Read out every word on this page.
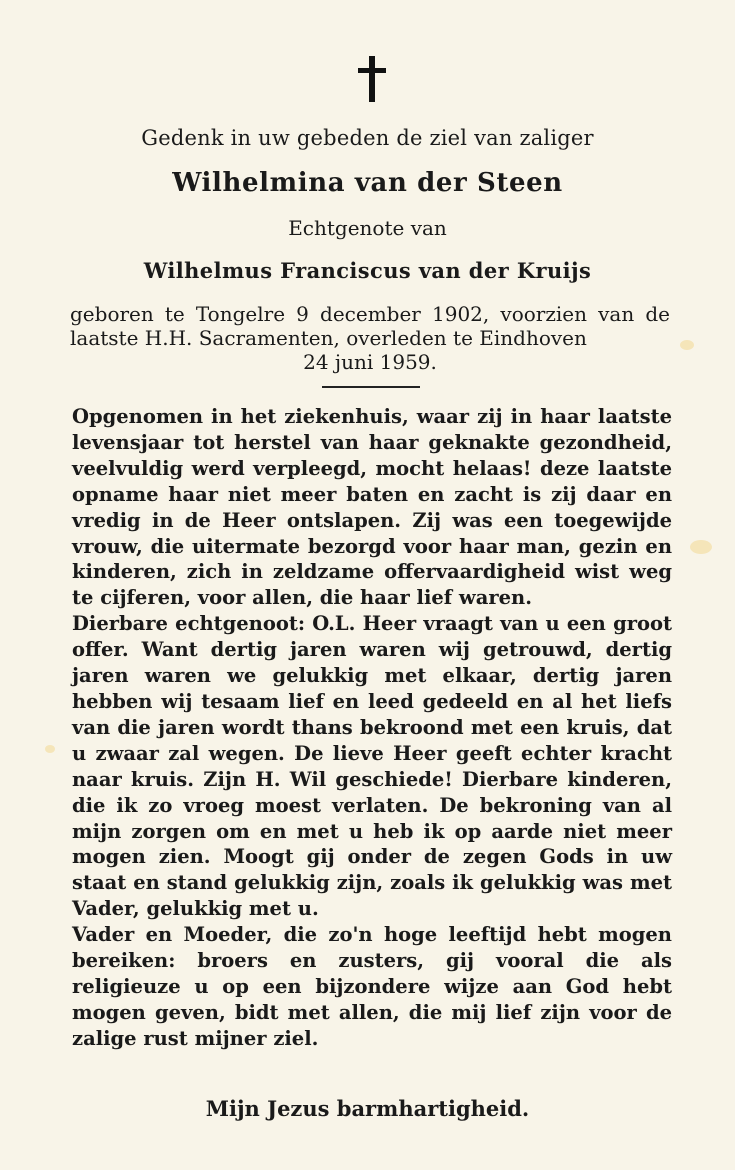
Gedenk in uw gebeden de ziel van zaliger
Wilhelmina van der Steen
Echtgenote van
Wilhelmus Franciscus van der Kruijs
geboren te Tongelre 9 december 1902, voorzien van de laatste H.H. Sacramenten, overleden te Eindhoven
24 juni 1959.

Opgenomen in het ziekenhuis, waar zij in haar laatste levensjaar tot herstel van haar geknakte gezondheid, veelvuldig werd verpleegd, mocht helaas! deze laatste opname haar niet meer baten en zacht is zij daar en vredig in de Heer ontslapen. Zij was een toegewijde vrouw, die uitermate bezorgd voor haar man, gezin en kinderen, zich in zeldzame offervaardigheid wist weg te cijferen, voor allen, die haar lief waren.

Dierbare echtgenoot: O.L. Heer vraagt van u een groot offer. Want dertig jaren waren wij getrouwd, dertig jaren waren we gelukkig met elkaar, dertig jaren hebben wij tesaam lief en leed gedeeld en al het liefs van die jaren wordt thans bekroond met een kruis, dat u zwaar zal wegen. De lieve Heer geeft echter kracht naar kruis. Zijn H. Wil geschiede! Dierbare kinderen, die ik zo vroeg moest verlaten. De bekroning van al mijn zorgen om en met u heb ik op aarde niet meer mogen zien. Moogt gij onder de zegen Gods in uw staat en stand gelukkig zijn, zoals ik gelukkig was met Vader, gelukkig met u.

Vader en Moeder, die zo'n hoge leeftijd hebt mogen bereiken: broers en zusters, gij vooral die als religieuze u op een bijzondere wijze aan God hebt mogen geven, bidt met allen, die mij lief zijn voor de zalige rust mijner ziel.

Mijn Jezus barmhartigheid.
